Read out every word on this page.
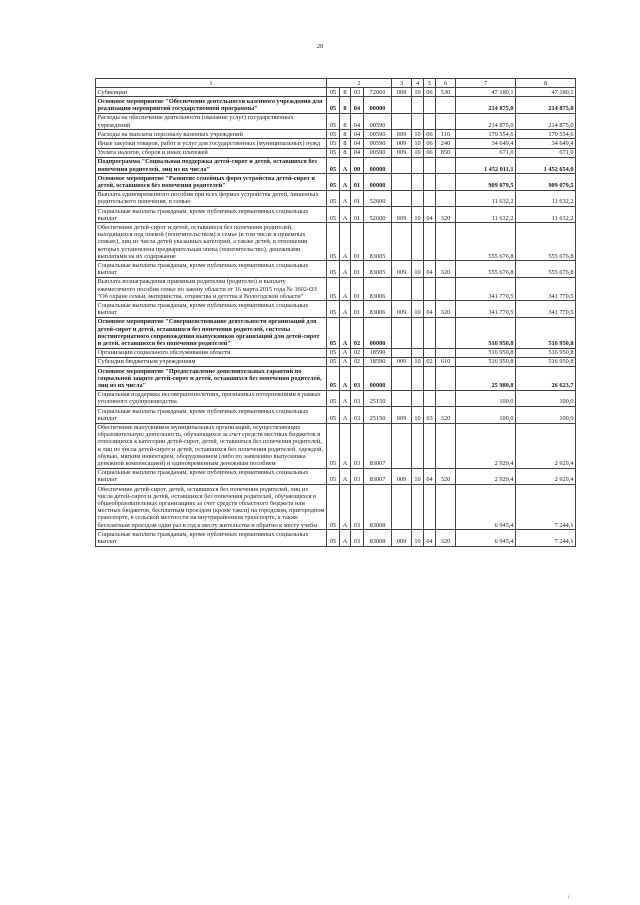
20
1	2				3	4	5	6	7	8
Субвенции	05	8	03	72060	009	10	06	530	47 180,1	47 180,1
Основное мероприятие "Обеспечение деятельности казенного учреждения для реализации мероприятий государственной программы"	05	8	04	00000					214 875,0	214 875,0
Расходы на обеспечение деятельности (оказание услуг) государственных учреждений	05	8	04	00590					214 875,0	214 875,0
Расходы на выплаты персоналу казенных учреждений	05	8	04	00590	009	10	06	110	179 554,6	179 554,6
Иные закупки товаров, работ и услуг для государственных (муниципальных) нужд	05	8	04	00590	009	10	06	240	34 649,4	34 649,4
Уплата налогов, сборов и иных платежей	05	8	04	00590	009	10	06	850	671,0	671,0
Подпрограмма "Социальная поддержка детей-сирот и детей, оставшихся без попечения родителей, лиц из их числа"	05	А	00	00000					1 452 011,1	1 452 654,0
Основное мероприятие "Развитие семейных форм устройства детей-сирот и детей, оставшихся без попечения родителей"	05	А	01	00000					909 079,5	909 079,5
Выплата единовременного пособия при всех формах устройства детей, лишенных родительского попечения, в семью	05	А	01	52600					11 632,2	11 632,2
Социальные выплаты гражданам, кроме публичных нормативных социальных выплат	05	А	01	52600	009	10	04	320	11 632,2	11 632,2
Обеспечение детей-сирот и детей, оставшихся без попечения родителей, находящихся под опекой (попечительством) в семье (в том числе в приемных семьях), лиц из числа детей указанных категорий, а также детей, в отношении которых установлена предварительная опека (попечительство), денежными выплатами на их содержание	05	А	01	83005					555 676,8	555 676,8
Социальные выплаты гражданам, кроме публичных нормативных социальных выплат	05	А	01	83005	009	10	04	320	555 676,8	555 676,8
Выплата вознаграждения приемным родителям (родителю) и выплату ежемесячного пособия семье по закону области от 16 марта 2015 года № 3602-ОЗ "Об охране семьи, материнства, отцовства и детства в Вологодской области"	05	А	01	83006					341 770,5	341 770,5
Социальные выплаты гражданам, кроме публичных нормативных социальных выплат	05	А	01	83006	009	10	04	320	341 770,5	341 770,5
Основное мероприятие "Совершенствование деятельности организаций для детей-сирот и детей, оставшихся без попечения родителей, системы постинтернатного сопровождения выпускников организаций для детей-сирот и детей, оставшихся без попечения родителей"	05	А	02	00000					516 950,8	516 950,8
Организации социального обслуживания области	05	А	02	18590					516 950,8	516 950,8
Субсидии бюджетным учреждениям	05	А	02	18590	009	10	02	610	516 950,8	516 950,8
Основное мероприятие "Предоставление дополнительных гарантий по социальной защите детей-сирот и детей, оставшихся без попечения родителей, лиц из их числа"	05	А	03	00000					25 980,8	26 623,7
Социальная поддержка несовершеннолетних, признанных потерпевшими в рамках уголовного судопроизводства	05	А	03	25150					100,0	100,0
Социальные выплаты гражданам, кроме публичных нормативных социальных выплат	05	А	03	25150	009	10	03	320	100,0	100,0
Обеспечение выпускников муниципальных организаций, осуществляющих образовательную деятельность, обучающихся за счет средств местных бюджетов и относящихся к категории детей-сирот, детей, оставшихся без попечения родителей, и лиц из числа детей-сирот и детей, оставшихся без попечения родителей, одеждой, обувью, мягким инвентарем, оборудованием (либо по заявлению выпускника денежной компенсацией) и единовременным денежным пособием	05	А	03	83007					2 929,4	2 929,4
Социальные выплаты гражданам, кроме публичных нормативных социальных выплат	05	А	03	83007	009	10	04	320	2 929,4	2 929,4
Обеспечение детей-сирот, детей, оставшихся без попечения родителей, лиц из числа детей-сирот и детей, оставшихся без попечения родителей, обучающихся в общеобразовательных организациях за счет средств областного бюджета или местных бюджетов, бесплатным проездом (кроме такси) на городском, пригородном транспорте, в сельской местности на внутрирайонном транспорте, а также бесплатным проездом один раз в год к месту жительства и обратно к месту учебы	05	А	03	83008					6 945,4	7 244,1
Социальные выплаты гражданам, кроме публичных нормативных социальных выплат	05	А	03	83008	009	10	04	320	6 945,4	7 244,1
ı
